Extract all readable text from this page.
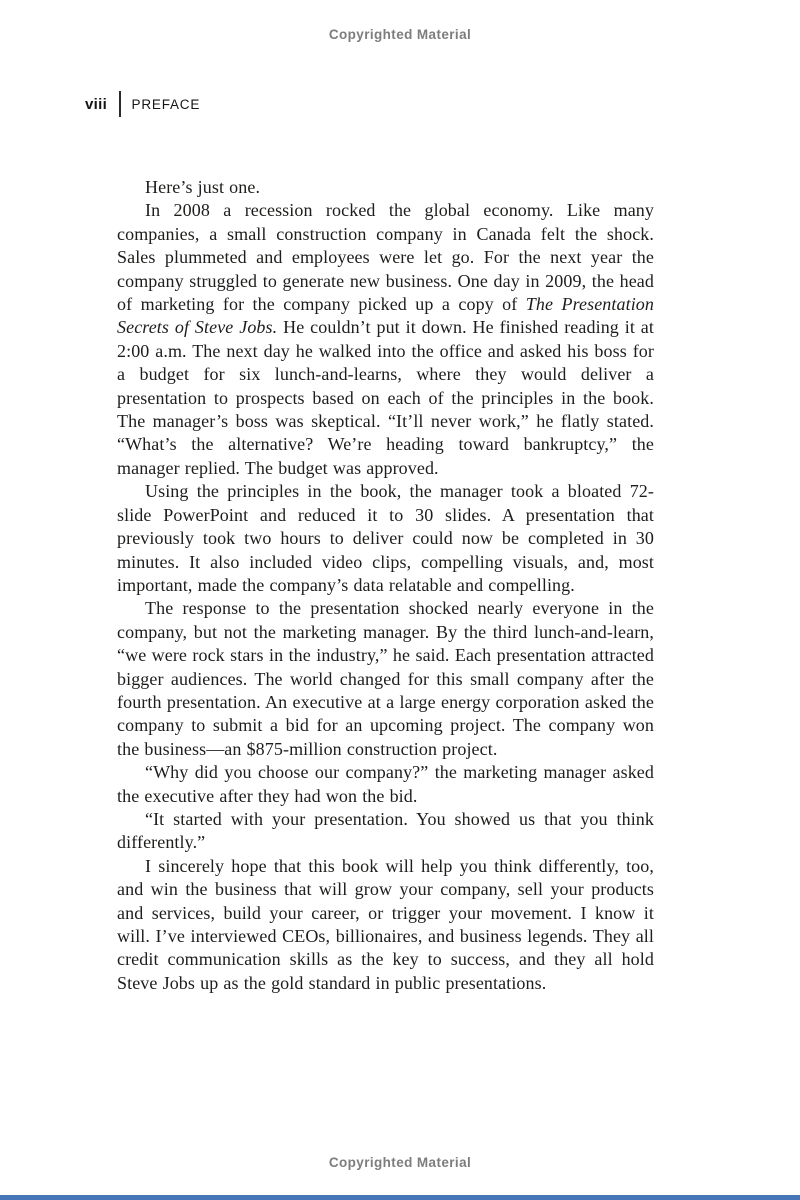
Copyrighted Material
viii PREFACE

Here’s just one.

In 2008 a recession rocked the global economy. Like many companies, a small construction company in Canada felt the shock. Sales plummeted and employees were let go. For the next year the company struggled to generate new business. One day in 2009, the head of marketing for the company picked up a copy of The Presentation Secrets of Steve Jobs. He couldn’t put it down. He finished reading it at 2:00 a.m. The next day he walked into the office and asked his boss for a budget for six lunch-and-learns, where they would deliver a presentation to prospects based on each of the principles in the book. The manager’s boss was skeptical. “It’ll never work,” he flatly stated. “What’s the alternative? We’re heading toward bankruptcy,” the manager replied. The budget was approved.

Using the principles in the book, the manager took a bloated 72-slide PowerPoint and reduced it to 30 slides. A presentation that previously took two hours to deliver could now be completed in 30 minutes. It also included video clips, compelling visuals, and, most important, made the company’s data relatable and compelling.

The response to the presentation shocked nearly everyone in the company, but not the marketing manager. By the third lunch-and-learn, “we were rock stars in the industry,” he said. Each presentation attracted bigger audiences. The world changed for this small company after the fourth presentation. An executive at a large energy corporation asked the company to submit a bid for an upcoming project. The company won the business—an $875-million construction project.

“Why did you choose our company?” the marketing manager asked the executive after they had won the bid.

“It started with your presentation. You showed us that you think differently.”

I sincerely hope that this book will help you think differently, too, and win the business that will grow your company, sell your products and services, build your career, or trigger your movement. I know it will. I’ve interviewed CEOs, billionaires, and business legends. They all credit communication skills as the key to success, and they all hold Steve Jobs up as the gold standard in public presentations.

Copyrighted Material
